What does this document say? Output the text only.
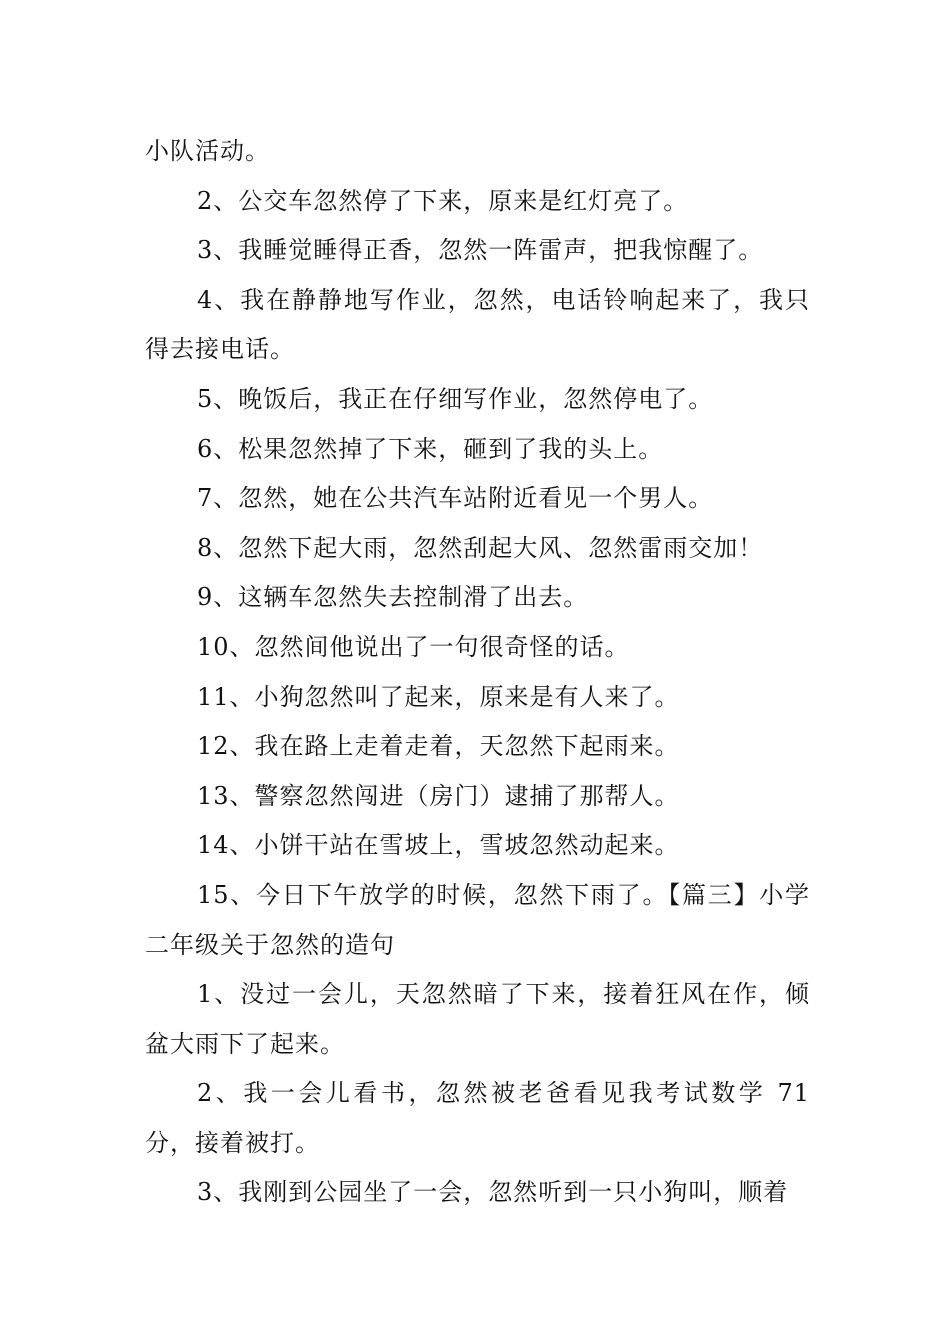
小队活动。

2、公交车忽然停了下来，原来是红灯亮了。

3、我睡觉睡得正香，忽然一阵雷声，把我惊醒了。

4、我在静静地写作业，忽然，电话铃响起来了，我只得去接电话。

5、晚饭后，我正在仔细写作业，忽然停电了。

6、松果忽然掉了下来，砸到了我的头上。

7、忽然，她在公共汽车站附近看见一个男人。

8、忽然下起大雨，忽然刮起大风、忽然雷雨交加！

9、这辆车忽然失去控制滑了出去。

10、忽然间他说出了一句很奇怪的话。

11、小狗忽然叫了起来，原来是有人来了。

12、我在路上走着走着，天忽然下起雨来。

13、警察忽然闯进（房门）逮捕了那帮人。

14、小饼干站在雪坡上，雪坡忽然动起来。

15、今日下午放学的时候，忽然下雨了。【篇三】小学二年级关于忽然的造句

1、没过一会儿，天忽然暗了下来，接着狂风在作，倾盆大雨下了起来。

2、我一会儿看书，忽然被老爸看见我考试数学 71 分，接着被打。

3、我刚到公园坐了一会，忽然听到一只小狗叫，顺着
